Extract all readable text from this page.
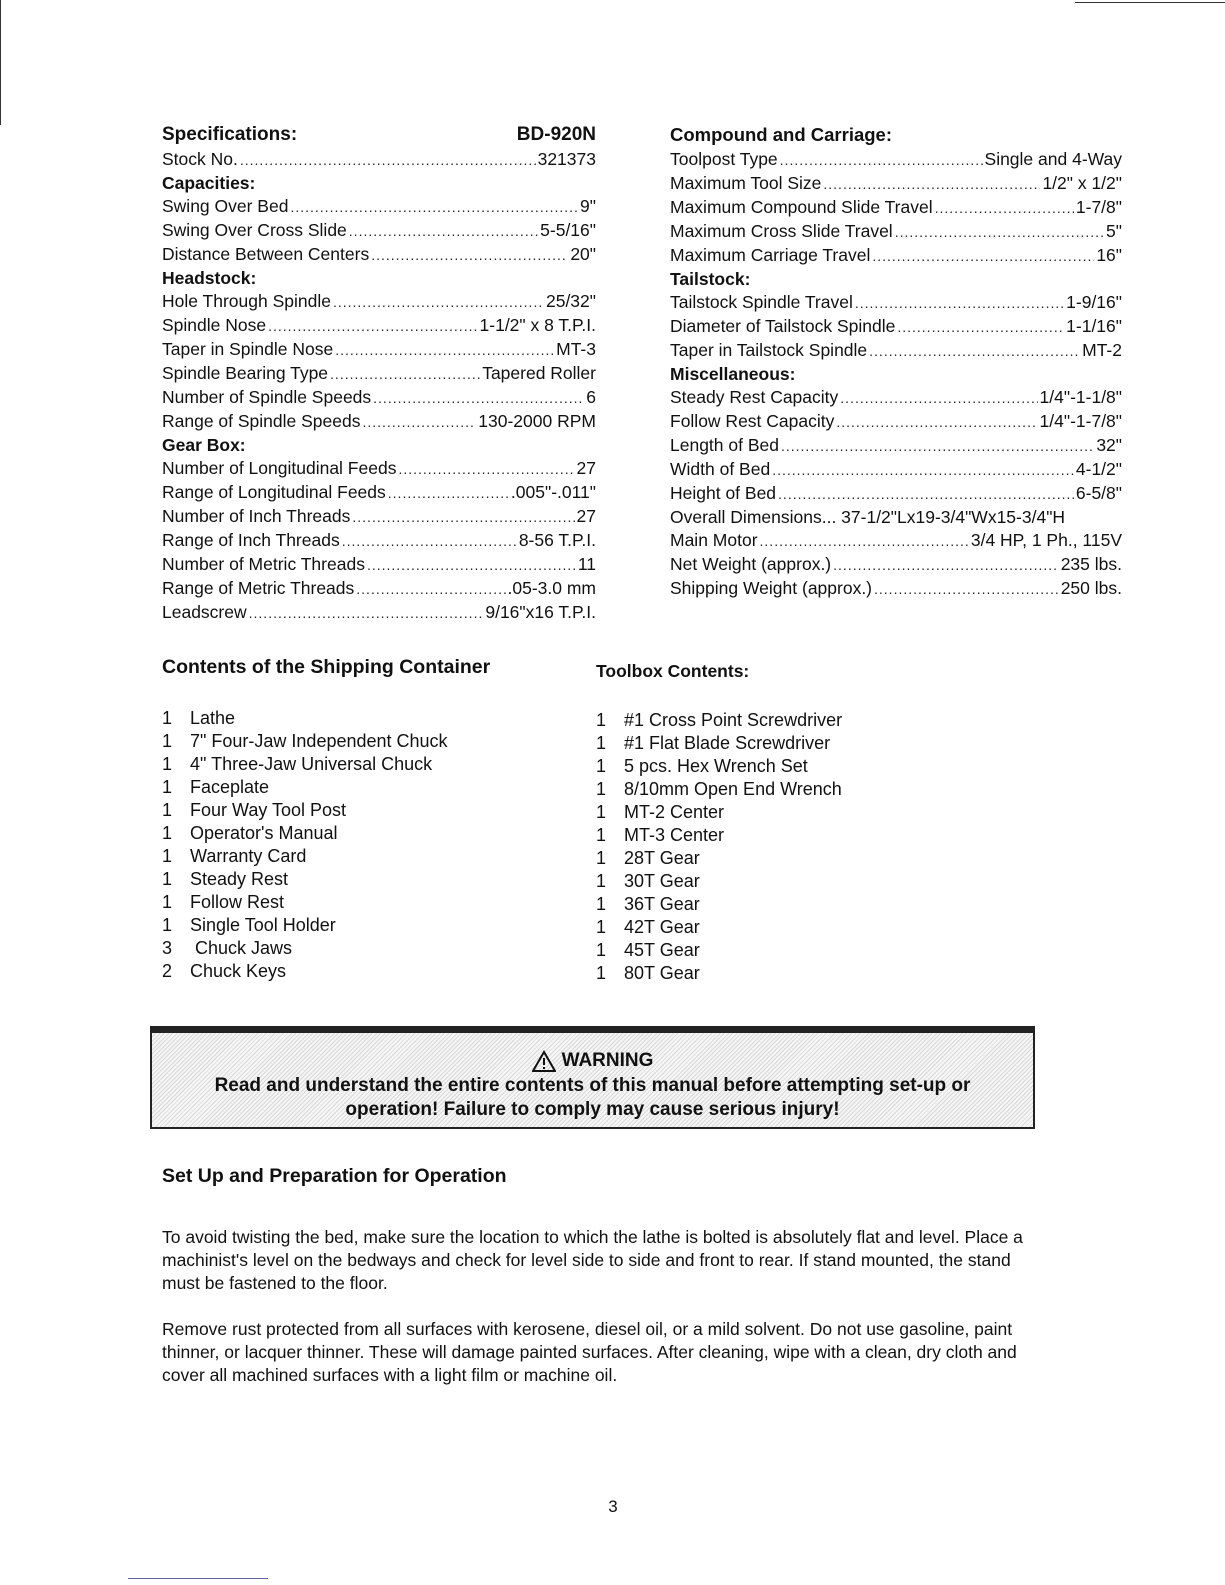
Specifications:	BD-920N
Stock No. .....	321373
Capacities:
Swing Over Bed .....	9"
Swing Over Cross Slide .....	5-5/16"
Distance Between Centers .....	20"
Headstock:
Hole Through Spindle .....	25/32"
Spindle Nose .....	1-1/2" x 8 T.P.I.
Taper in Spindle Nose .....	MT-3
Spindle Bearing Type .....	Tapered Roller
Number of Spindle Speeds .....	6
Range of Spindle Speeds .....	130-2000 RPM
Gear Box:
Number of Longitudinal Feeds .....	27
Range of Longitudinal Feeds .....	.005"-.011"
Number of Inch Threads .....	27
Range of Inch Threads .....	8-56 T.P.I.
Number of Metric Threads .....	11
Range of Metric Threads .....	.05-3.0 mm
Leadscrew .....	9/16"x16 T.P.I.
Compound and Carriage:
Toolpost Type .....	Single and 4-Way
Maximum Tool Size .....	1/2" x 1/2"
Maximum Compound Slide Travel .....	1-7/8"
Maximum Cross Slide Travel .....	5"
Maximum Carriage Travel .....	16"
Tailstock:
Tailstock Spindle Travel .....	1-9/16"
Diameter of Tailstock Spindle .....	1-1/16"
Taper in Tailstock Spindle .....	MT-2
Miscellaneous:
Steady Rest Capacity .....	1/4"-1-1/8"
Follow Rest Capacity .....	1/4"-1-7/8"
Length of Bed .....	32"
Width of Bed .....	4-1/2"
Height of Bed .....	6-5/8"
Overall Dimensions... 37-1/2"Lx19-3/4"Wx15-3/4"H
Main Motor .....	3/4 HP, 1 Ph., 115V
Net Weight (approx.) .....	235 lbs.
Shipping Weight (approx.) .....	250 lbs.
Contents of the Shipping Container	Toolbox Contents:
1 Lathe
1 7" Four-Jaw Independent Chuck
1 4" Three-Jaw Universal Chuck
1 Faceplate
1 Four Way Tool Post
1 Operator's Manual
1 Warranty Card
1 Steady Rest
1 Follow Rest
1 Single Tool Holder
3 Chuck Jaws
2 Chuck Keys
1 #1 Cross Point Screwdriver
1 #1 Flat Blade Screwdriver
1 5 pcs. Hex Wrench Set
1 8/10mm Open End Wrench
1 MT-2 Center
1 MT-3 Center
1 28T Gear
1 30T Gear
1 36T Gear
1 42T Gear
1 45T Gear
1 80T Gear
WARNING
Read and understand the entire contents of this manual before attempting set-up or operation! Failure to comply may cause serious injury!
Set Up and Preparation for Operation
To avoid twisting the bed, make sure the location to which the lathe is bolted is absolutely flat and level. Place a machinist's level on the bedways and check for level side to side and front to rear. If stand mounted, the stand must be fastened to the floor.
Remove rust protected from all surfaces with kerosene, diesel oil, or a mild solvent. Do not use gasoline, paint thinner, or lacquer thinner. These will damage painted surfaces. After cleaning, wipe with a clean, dry cloth and cover all machined surfaces with a light film or machine oil.
3
